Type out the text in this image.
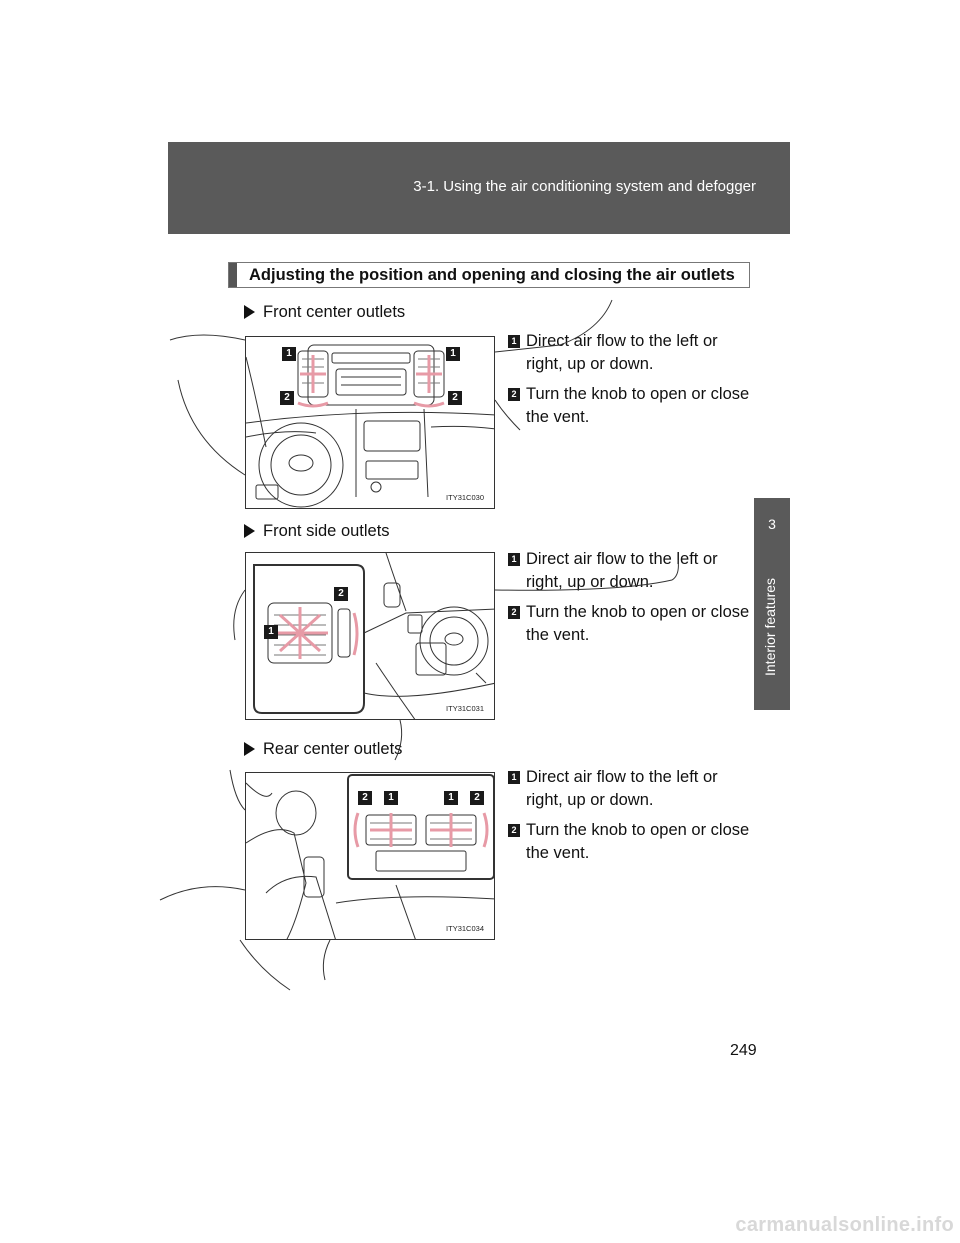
3-1. Using the air conditioning system and defogger
3
Interior features
Adjusting the position and opening and closing the air outlets
Front center outlets
1	1
2	2
ITY31C030
1 Direct air flow to the left or right, up or down.
2 Turn the knob to open or close the vent.
Front side outlets
2
1
ITY31C031
1 Direct air flow to the left or right, up or down.
2 Turn the knob to open or close the vent.
Rear center outlets
2	1	1	2
ITY31C034
1 Direct air flow to the left or right, up or down.
2 Turn the knob to open or close the vent.
249
carmanualsonline.info
